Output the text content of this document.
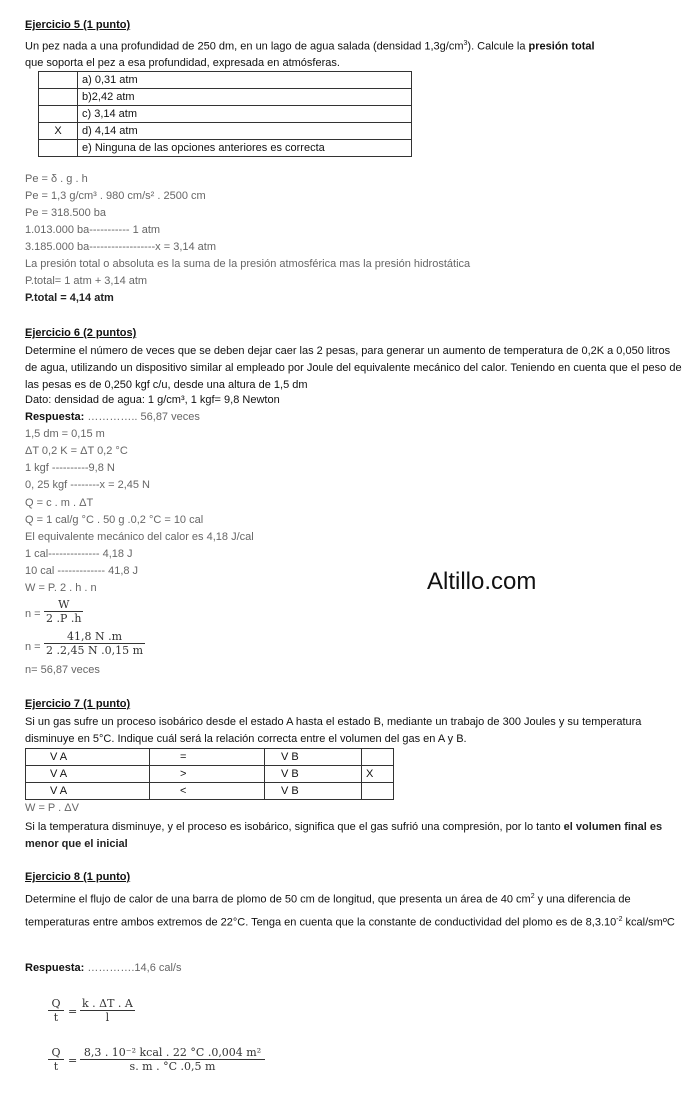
Ejercicio 5 (1 punto)
Un pez nada a una profundidad de 250 dm, en un lago de agua salada (densidad $1,3g/cm^3$). Calcule la presión total
que soporta el pez a esa profundidad, expresada en atmósferas.
	a) 0,31 atm
	b)2,42 atm
	c) 3,14 atm
X	d) 4,14 atm
	e) Ninguna de las opciones anteriores es correcta
Pe = δ . g . h
Pe = 1,3 g/cm³ . 980 cm/s² . 2500 cm
Pe = 318.500 ba
1.013.000 ba----------- 1 atm
3.185.000 ba------------------x = 3,14 atm
La presión total o absoluta es la suma de la presión atmosférica mas la presión hidrostática
P.total= 1 atm + 3,14 atm
P.total = 4,14 atm
Ejercicio 6 (2 puntos)
Determine el número de veces que se deben dejar caer las 2 pesas, para generar un aumento de temperatura de 0,2K a 0,050 litros de agua, utilizando un dispositivo similar al empleado por Joule del equivalente mecánico del calor. Teniendo en cuenta que el peso de las pesas es de 0,250 kgf c/u, desde una altura de 1,5 dm
Dato: densidad de agua: 1 g/cm³, 1 kgf= 9,8 Newton
Respuesta: ………….. 56,87 veces
1,5 dm = 0,15 m
ΔT 0,2 K = ΔT 0,2 °C
1 kgf ----------9,8 N
0, 25 kgf --------x = 2,45 N
Q = c . m . ΔT
Q = 1 cal/g °C . 50 g .0,2 °C = 10 cal
El equivalente mecánico del calor es 4,18 J/cal
1 cal-------------- 4,18 J
10 cal ------------- 41,8 J
W = P. 2 . h . n
$n = \frac{W}{2 .P .h}$
$n = \frac{41,8 N .m}{2 .2,45 N .0,15 m}$
n= 56,87 veces
Altillo.com
Ejercicio 7 (1 punto)
Si un gas sufre un proceso isobárico desde el estado A hasta el estado B, mediante un trabajo de 300 Joules y su temperatura disminuye en 5°C. Indique cuál será la relación correcta entre el volumen del gas en A y B.
V A	=	V B	
V A	>	V B	X
V A	<	V B	
W = P . ΔV
Si la temperatura disminuye, y el proceso es isobárico, significa que el gas sufrió una compresión, por lo tanto el volumen final es menor que el inicial
Ejercicio 8 (1 punto)
Determine el flujo de calor de una barra de plomo de 50 cm de longitud, que presenta un área de 40 $cm^2$ y una diferencia de temperaturas entre ambos extremos de 22°C. Tenga en cuenta que la constante de conductividad del plomo es de $8,3.10^{-2}$ kcal/smºC
Respuesta: ………….14,6 cal/s
$\frac{Q}{t} = \frac{k . \Delta T . A}{l}$
$\frac{Q}{t}$ =
8,3 . 10⁻² kcal . 22 °C .0,004 m²
s. m . °C .0,5 m
